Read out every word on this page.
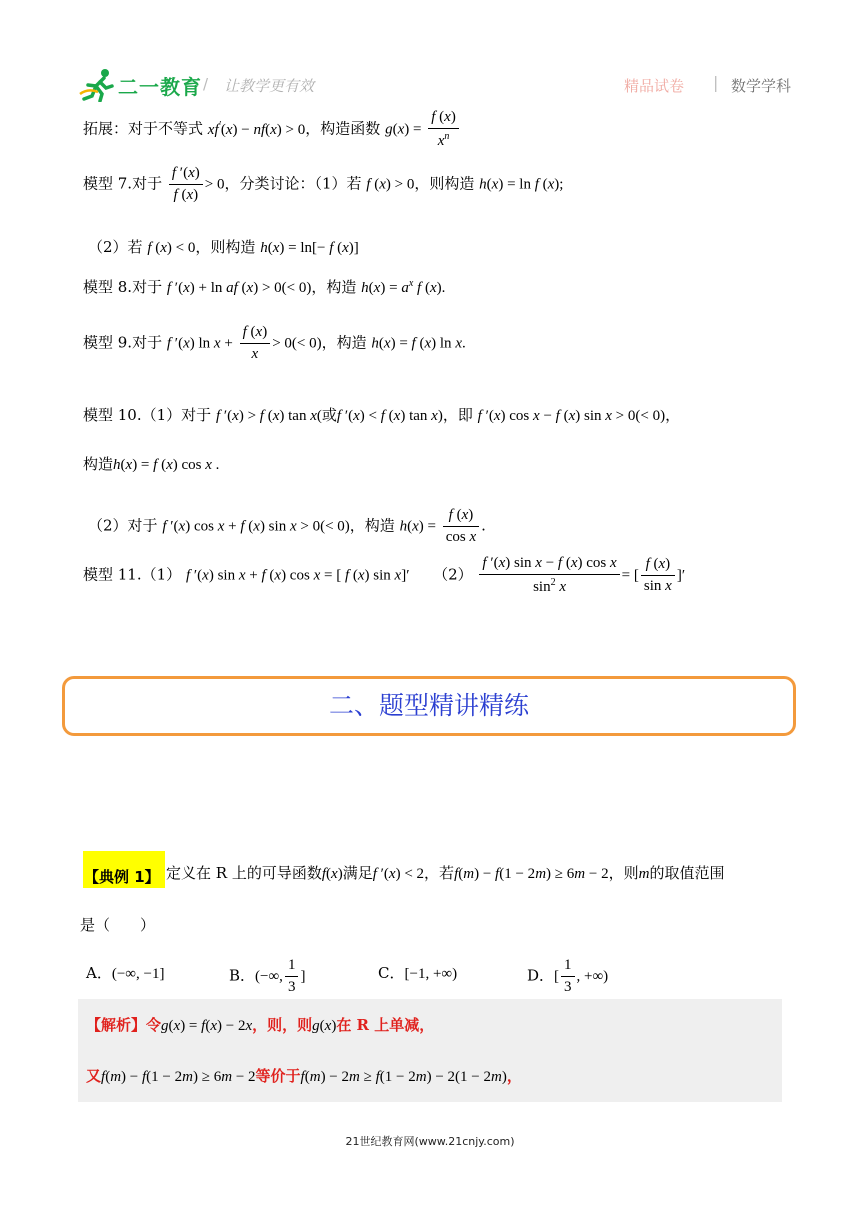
二一教育 / 让教学更有效	精品试卷 | 数学学科
拓展：对于不等式 xf′(x) − nf(x) > 0，构造函数 $g(x) = \frac{f (x)}{x^n}$
模型 7.对于 $\frac{f '(x)}{f (x)} > 0$，分类讨论：（1）若 f (x) > 0，则构造 h(x) = ln f (x);
（2）若 f (x) < 0，则构造 h(x) = ln[− f (x)]
模型 8.对于 f ′(x) + ln af (x) > 0(< 0)，构造 $h(x) = a^x$ f (x).
模型 9.对于 f ′(x) $\ln x + \frac{f (x)}{x} > 0(< 0)$，构造 h(x) = f (x) ln x.
模型 10.（1）对于 f ′(x) > f (x) tan x(或f ′(x) < f (x) tan x)，即 f ′(x) cos x − f (x) sin x > 0(< 0)，
构造h(x) = f (x) cos x .
（2）对于 f ′(x) cos x + f (x) sin x > 0(< 0)，构造 $h(x) = \frac{f (x)}{\text{cos x}}$ .
模型 11.（1） f ′(x) sin x + f (x) cos x = [ f (x) sin x]′ $(2) \frac{\text{f ′(x) sin x − f (x) cos x}}{\sin^2 x}$ = [ $\frac{f (x)}{\text{sin x}}$ ]′
二、题型精讲精练
【典例 1】 定义在 R 上的可导函数f(x)满足f ′(x) < 2，若f(m) − f(1 − 2m) ≥ 6m − 2，则m的取值范围
是（　　）
A．(−∞, −1]	B．(−∞, $\frac{1}{3}$ ]	C．[−1, +∞)	D．[ $\frac{1}{3}$ , +∞)
【解析】令g(x) = f(x) − 2x，则，则g(x)在 R 上单减，
又f(m) − f(1 − 2m) ≥ 6m − 2等价于f(m) − 2m ≥ f(1 − 2m) − 2(1 − 2m)，
21世纪教育网(www.21cnjy.com)
